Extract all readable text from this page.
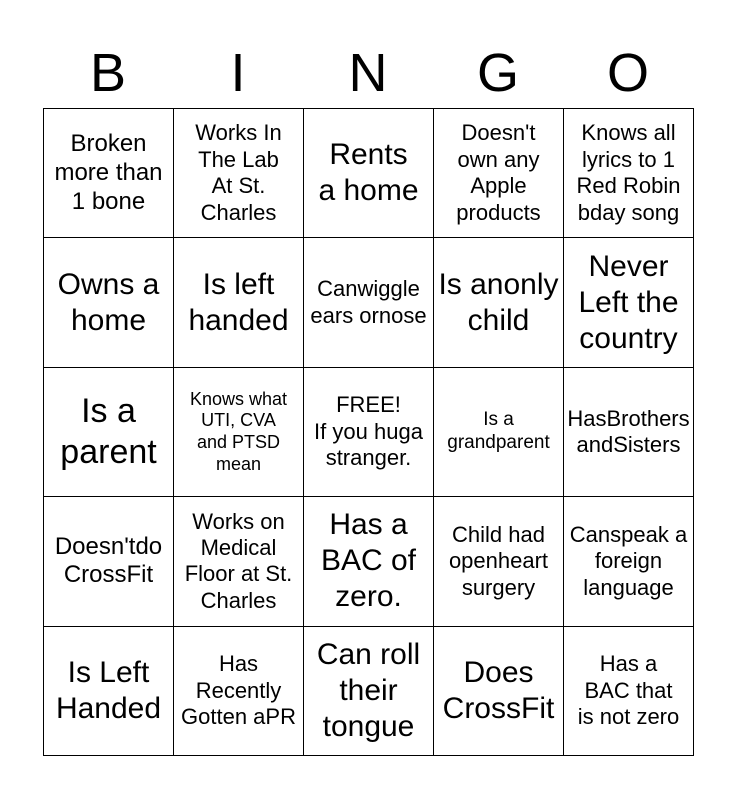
B	I	N	G	O
Brokenmore than1 bone	Works InThe LabAt St.Charles	Rentsa home	Doesn'town anyAppleproducts	Knows alllyrics to 1Red Robinbday song
Owns ahome	Is lefthanded	Canwiggleears ornose	Is anonlychild	NeverLeft thecountry
Is aparent	Knows whatUTI, CVAand PTSDmean	FREE!If you hugastranger.	Is agrandparent	HasBrothersandSisters
Doesn'tdoCrossFit	Works onMedicalFloor at St.Charles	Has aBAC ofzero.	Child hadopenheartsurgery	Canspeak aforeignlanguage
Is LeftHanded	HasRecentlyGotten aPR	Can rolltheirtongue	DoesCrossFit	Has aBAC thatis not zero
